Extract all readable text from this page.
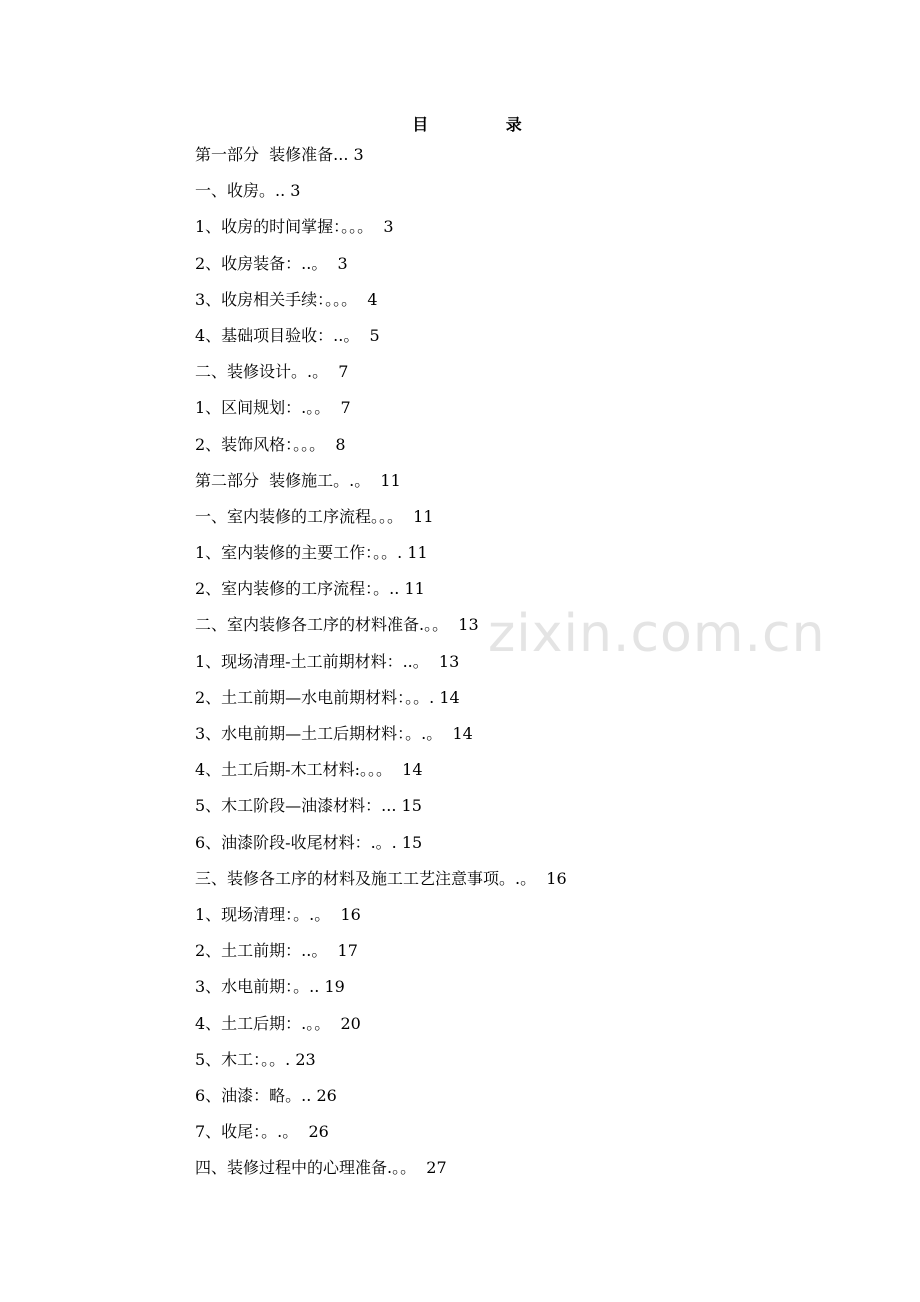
目 录
第一部分  装修准备... 3
一、收房。.. 3
1、收房的时间掌握：。。。  3
2、收房装备：..。  3
3、收房相关手续：。。。  4
4、基础项目验收：..。  5
二、装修设计。.。  7
1、区间规划：.。。  7
2、装饰风格：。。。  8
第二部分  装修施工。.。  11
一、室内装修的工序流程。。。  11
1、室内装修的主要工作：。。. 11
2、室内装修的工序流程：。.. 11
二、室内装修各工序的材料准备.。。  13
1、现场清理-土工前期材料：..。  13
2、土工前期—水电前期材料：。。. 14
3、水电前期—土工后期材料：。.。  14
4、土工后期-木工材料:。。。  14
5、木工阶段—油漆材料：... 15
6、油漆阶段-收尾材料：.。. 15
三、装修各工序的材料及施工工艺注意事项。.。  16
1、现场清理：。.。  16
2、土工前期：..。  17
3、水电前期：。.. 19
4、土工后期：.。。  20
5、木工：。。. 23
6、油漆：略。.. 26
7、收尾：。.。  26
四、装修过程中的心理准备.。。  27
zixin.com.cn
